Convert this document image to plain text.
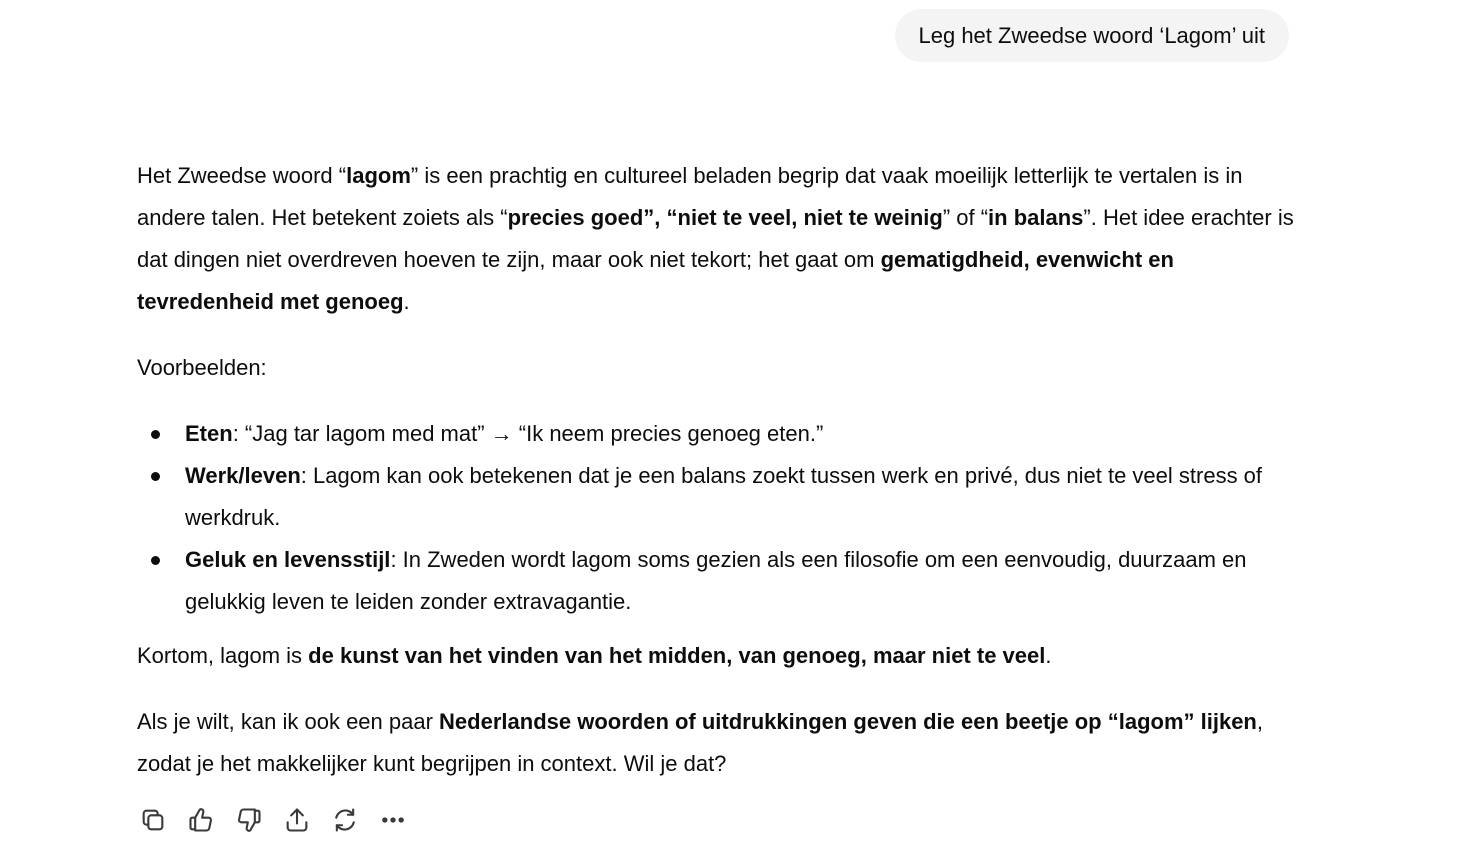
Leg het Zweedse woord ‘Lagom’ uit

Het Zweedse woord “lagom” is een prachtig en cultureel beladen begrip dat vaak moeilijk letterlijk te vertalen is in andere talen. Het betekent zoiets als “precies goed”, “niet te veel, niet te weinig” of “in balans”. Het idee erachter is dat dingen niet overdreven hoeven te zijn, maar ook niet tekort; het gaat om gematigdheid, evenwicht en tevredenheid met genoeg.

Voorbeelden:

Eten: “Jag tar lagom med mat” → “Ik neem precies genoeg eten.”
Werk/leven: Lagom kan ook betekenen dat je een balans zoekt tussen werk en privé, dus niet te veel stress of werkdruk.
Geluk en levensstijl: In Zweden wordt lagom soms gezien als een filosofie om een eenvoudig, duurzaam en gelukkig leven te leiden zonder extravagantie.

Kortom, lagom is de kunst van het vinden van het midden, van genoeg, maar niet te veel.

Als je wilt, kan ik ook een paar Nederlandse woorden of uitdrukkingen geven die een beetje op “lagom” lijken, zodat je het makkelijker kunt begrijpen in context. Wil je dat?
